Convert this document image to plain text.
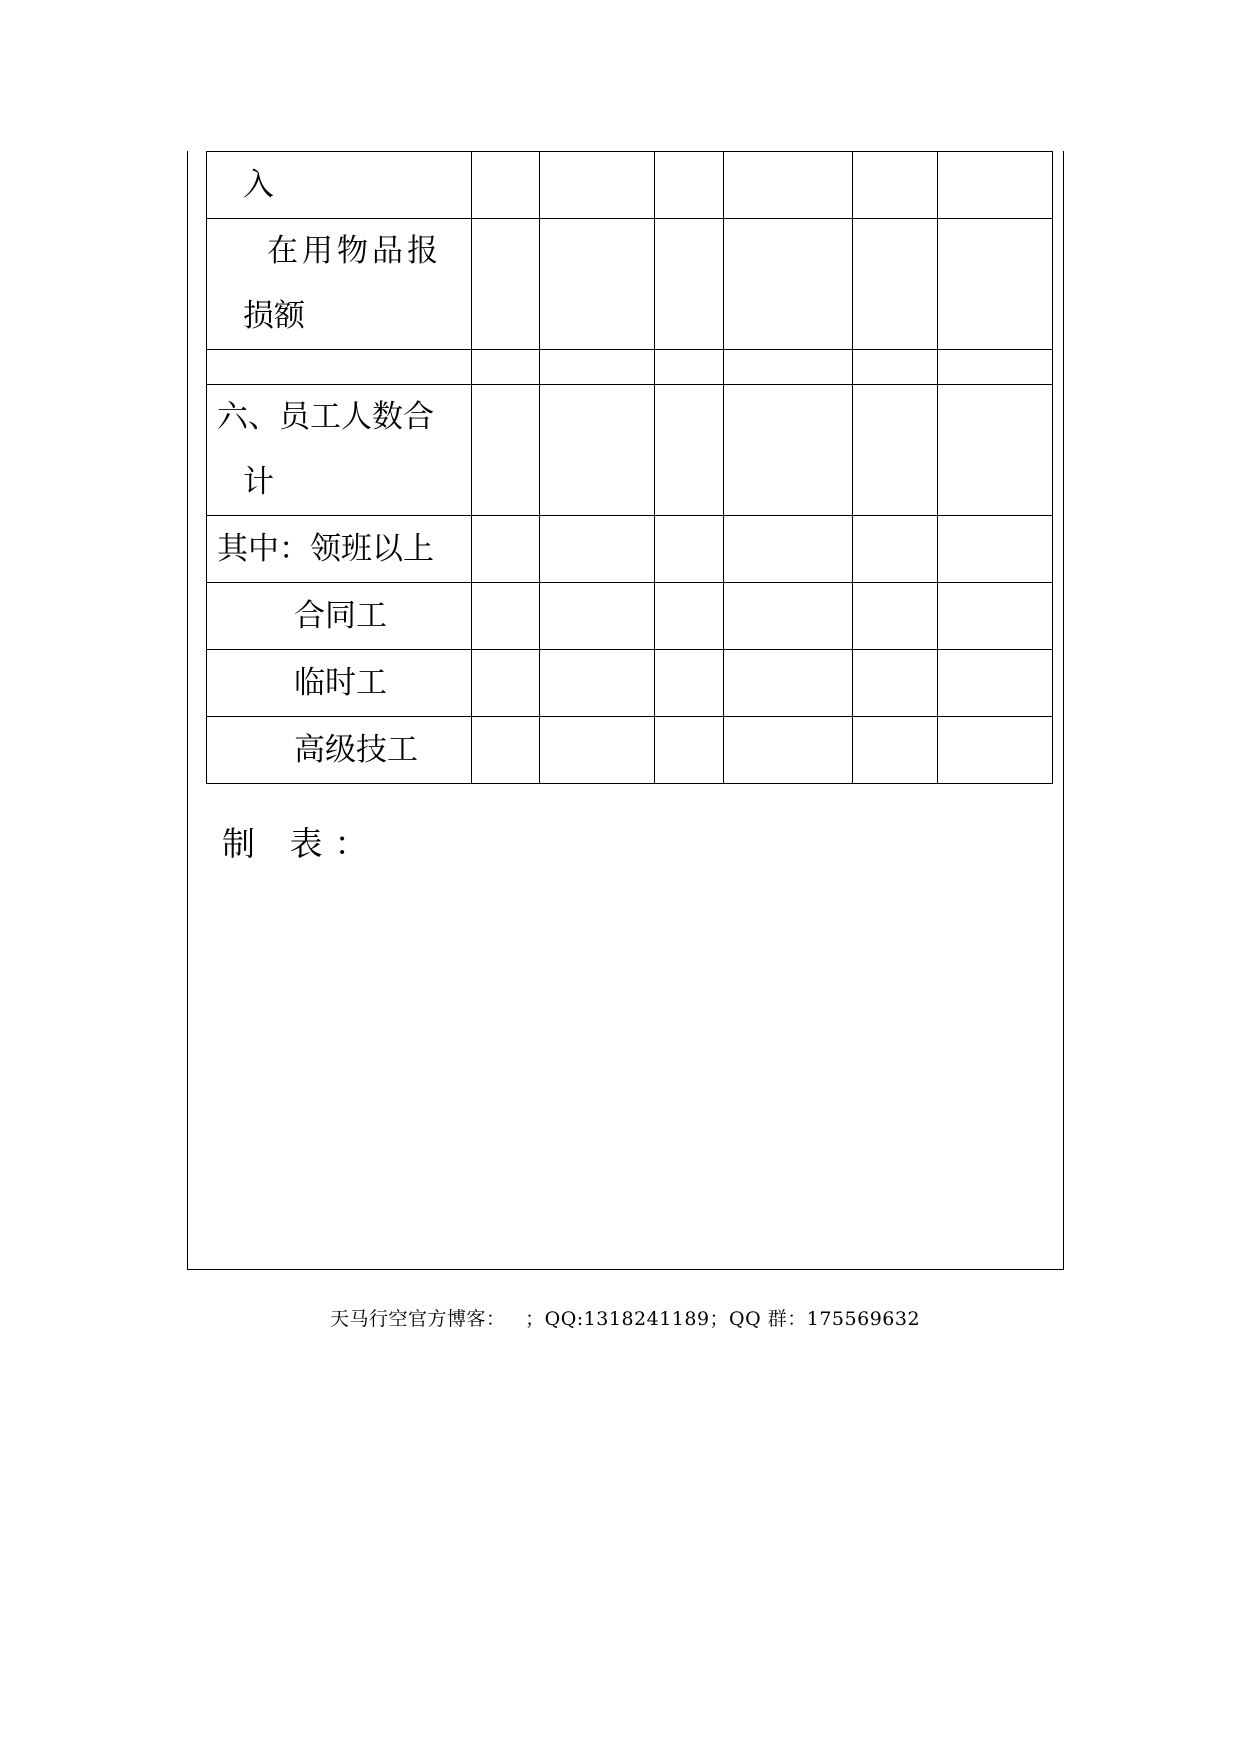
入						

在用物品报
损额						

六、员工人数合
计						

其中：领班以上						

合同工						

临时工						

高级技工						

制 表：
天马行空官方博客：   ；QQ:1318241189；QQ 群：175569632
